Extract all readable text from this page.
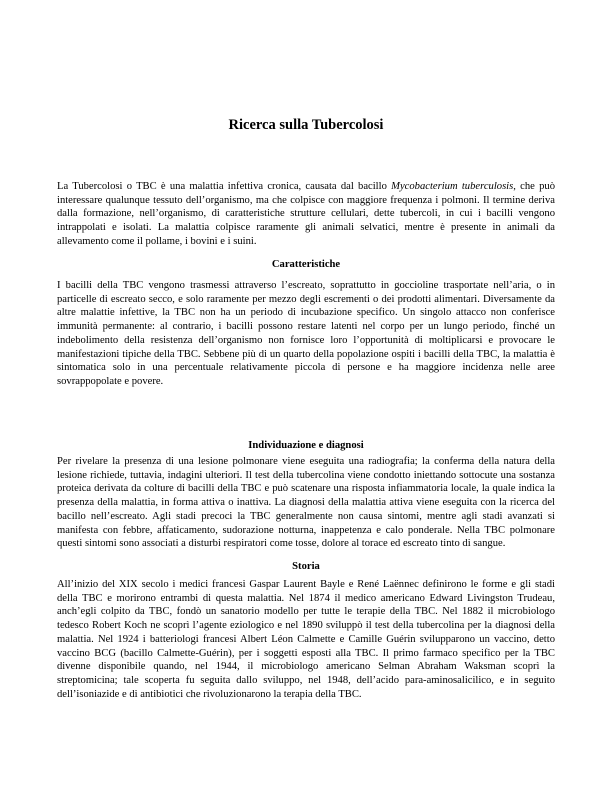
Ricerca sulla Tubercolosi

La Tubercolosi o TBC è una malattia infettiva cronica, causata dal bacillo Mycobacterium tuberculosis, che può interessare qualunque tessuto dell’organismo, ma che colpisce con maggiore frequenza i polmoni. Il termine deriva dalla formazione, nell’organismo, di caratteristiche strutture cellulari, dette tubercoli, in cui i bacilli vengono intrappolati e isolati. La malattia colpisce raramente gli animali selvatici, mentre è presente in animali da allevamento come il pollame, i bovini e i suini.

Caratteristiche

I bacilli della TBC vengono trasmessi attraverso l’escreato, soprattutto in goccioline trasportate nell’aria, o in particelle di escreato secco, e solo raramente per mezzo degli escrementi o dei prodotti alimentari. Diversamente da altre malattie infettive, la TBC non ha un periodo di incubazione specifico. Un singolo attacco non conferisce immunità permanente: al contrario, i bacilli possono restare latenti nel corpo per un lungo periodo, finché un indebolimento della resistenza dell’organismo non fornisce loro l’opportunità di moltiplicarsi e provocare le manifestazioni tipiche della TBC. Sebbene più di un quarto della popolazione ospiti i bacilli della TBC, la malattia è sintomatica solo in una percentuale relativamente piccola di persone e ha maggiore incidenza nelle aree sovrappopolate e povere.

Individuazione e diagnosi

Per rivelare la presenza di una lesione polmonare viene eseguita una radiografia; la conferma della natura della lesione richiede, tuttavia, indagini ulteriori. Il test della tubercolina viene condotto iniettando sottocute una sostanza proteica derivata da colture di bacilli della TBC e può scatenare una risposta infiammatoria locale, la quale indica la presenza della malattia, in forma attiva o inattiva. La diagnosi della malattia attiva viene eseguita con la ricerca del bacillo nell’escreato. Agli stadi precoci la TBC generalmente non causa sintomi, mentre agli stadi avanzati si manifesta con febbre, affaticamento, sudorazione notturna, inappetenza e calo ponderale. Nella TBC polmonare questi sintomi sono associati a disturbi respiratori come tosse, dolore al torace ed escreato tinto di sangue.

Storia

All’inizio del XIX secolo i medici francesi Gaspar Laurent Bayle e René Laënnec definirono le forme e gli stadi della TBC e morirono entrambi di questa malattia. Nel 1874 il medico americano Edward Livingston Trudeau, anch’egli colpito da TBC, fondò un sanatorio modello per tutte le terapie della TBC. Nel 1882 il microbiologo tedesco Robert Koch ne scoprì l’agente eziologico e nel 1890 sviluppò il test della tubercolina per la diagnosi della malattia. Nel 1924 i batteriologi francesi Albert Léon Calmette e Camille Guérin svilupparono un vaccino, detto vaccino BCG (bacillo Calmette-Guérin), per i soggetti esposti alla TBC. Il primo farmaco specifico per la TBC divenne disponibile quando, nel 1944, il microbiologo americano Selman Abraham Waksman scoprì la streptomicina; tale scoperta fu seguita dallo sviluppo, nel 1948, dell’acido para-aminosalicilico, e in seguito dell’isoniazide e di antibiotici che rivoluzionarono la terapia della TBC.
